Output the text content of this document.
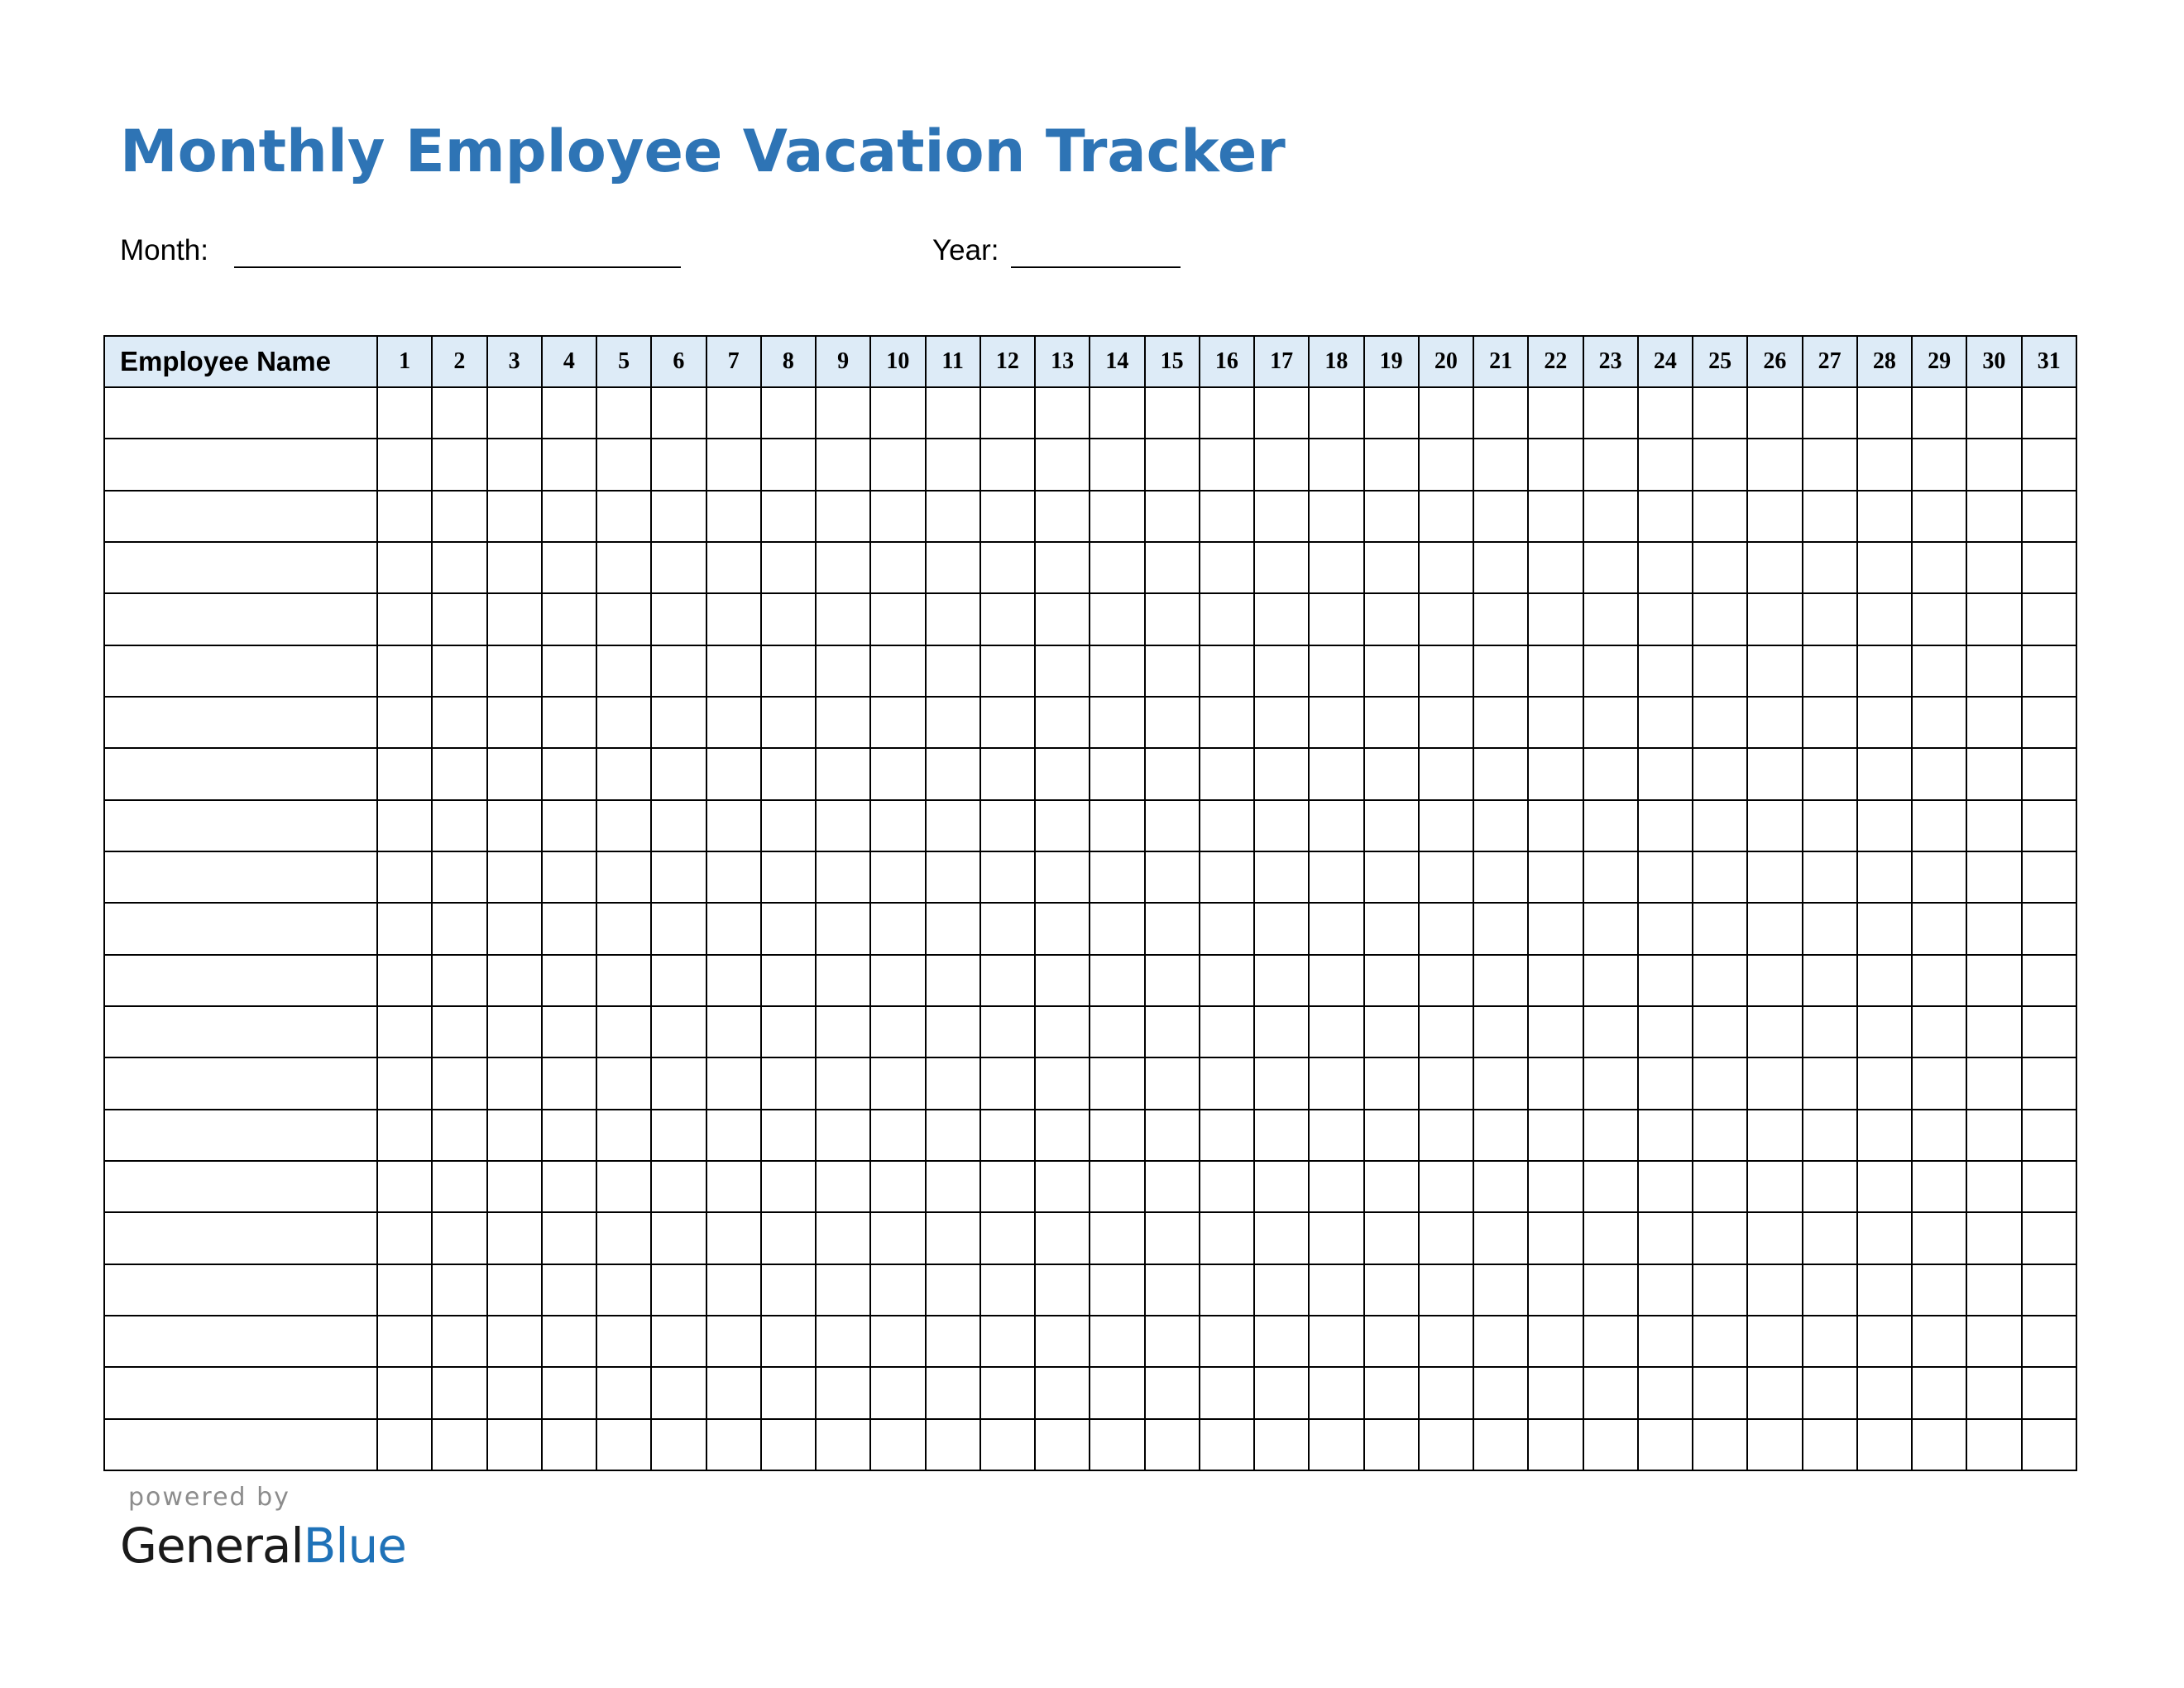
Monthly Employee Vacation Tracker
Month:	Year:
Employee Name	1	2	3	4	5	6	7	8	9	10	11	12	13	14	15	16	17	18	19	20	21	22	23	24	25	26	27	28	29	30	31

powered by
GeneralBlue
